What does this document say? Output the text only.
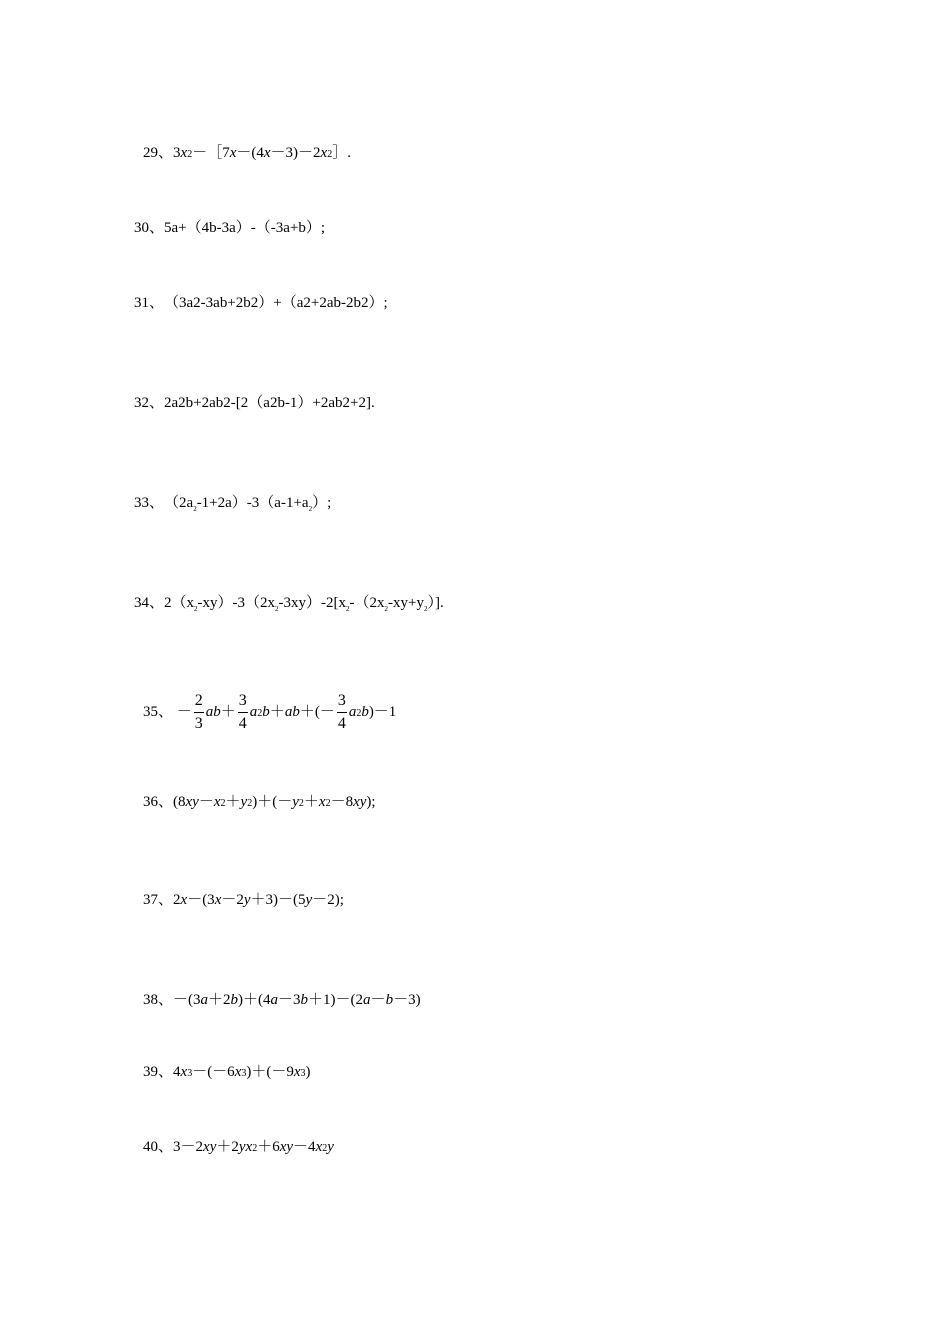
29、3x2－［7x－(4x－3)－2x2］.
30、5a+（4b-3a）-（-3a+b）;
31、（3a2-3ab+2b2）+（a2+2ab-2b2）;
32、2a2b+2ab2-[2（a2b-1）+2ab2+2].
33、$(2a_2-1+2a)-3(a-1+a_2)$;
34、$2(x_2-xy)-3(2x_2-3xy)-2[x_2-(2x_2-xy+y_2)]$.
35、 － $\frac{2}{3} ab+ \frac{3}{4} a2b+ab+(- \frac{3}{4} a2b)-1$
36、(8xy－x2＋y2)＋(－y2＋x2－8xy);
37、2x－(3x－2y＋3)－(5y－2);
38、－(3a＋2b)＋(4a－3b＋1)－(2a－b－3)
39、4x3－(－6x3)＋(－9x3)
40、3－2xy＋2yx2＋6xy－4x2y
